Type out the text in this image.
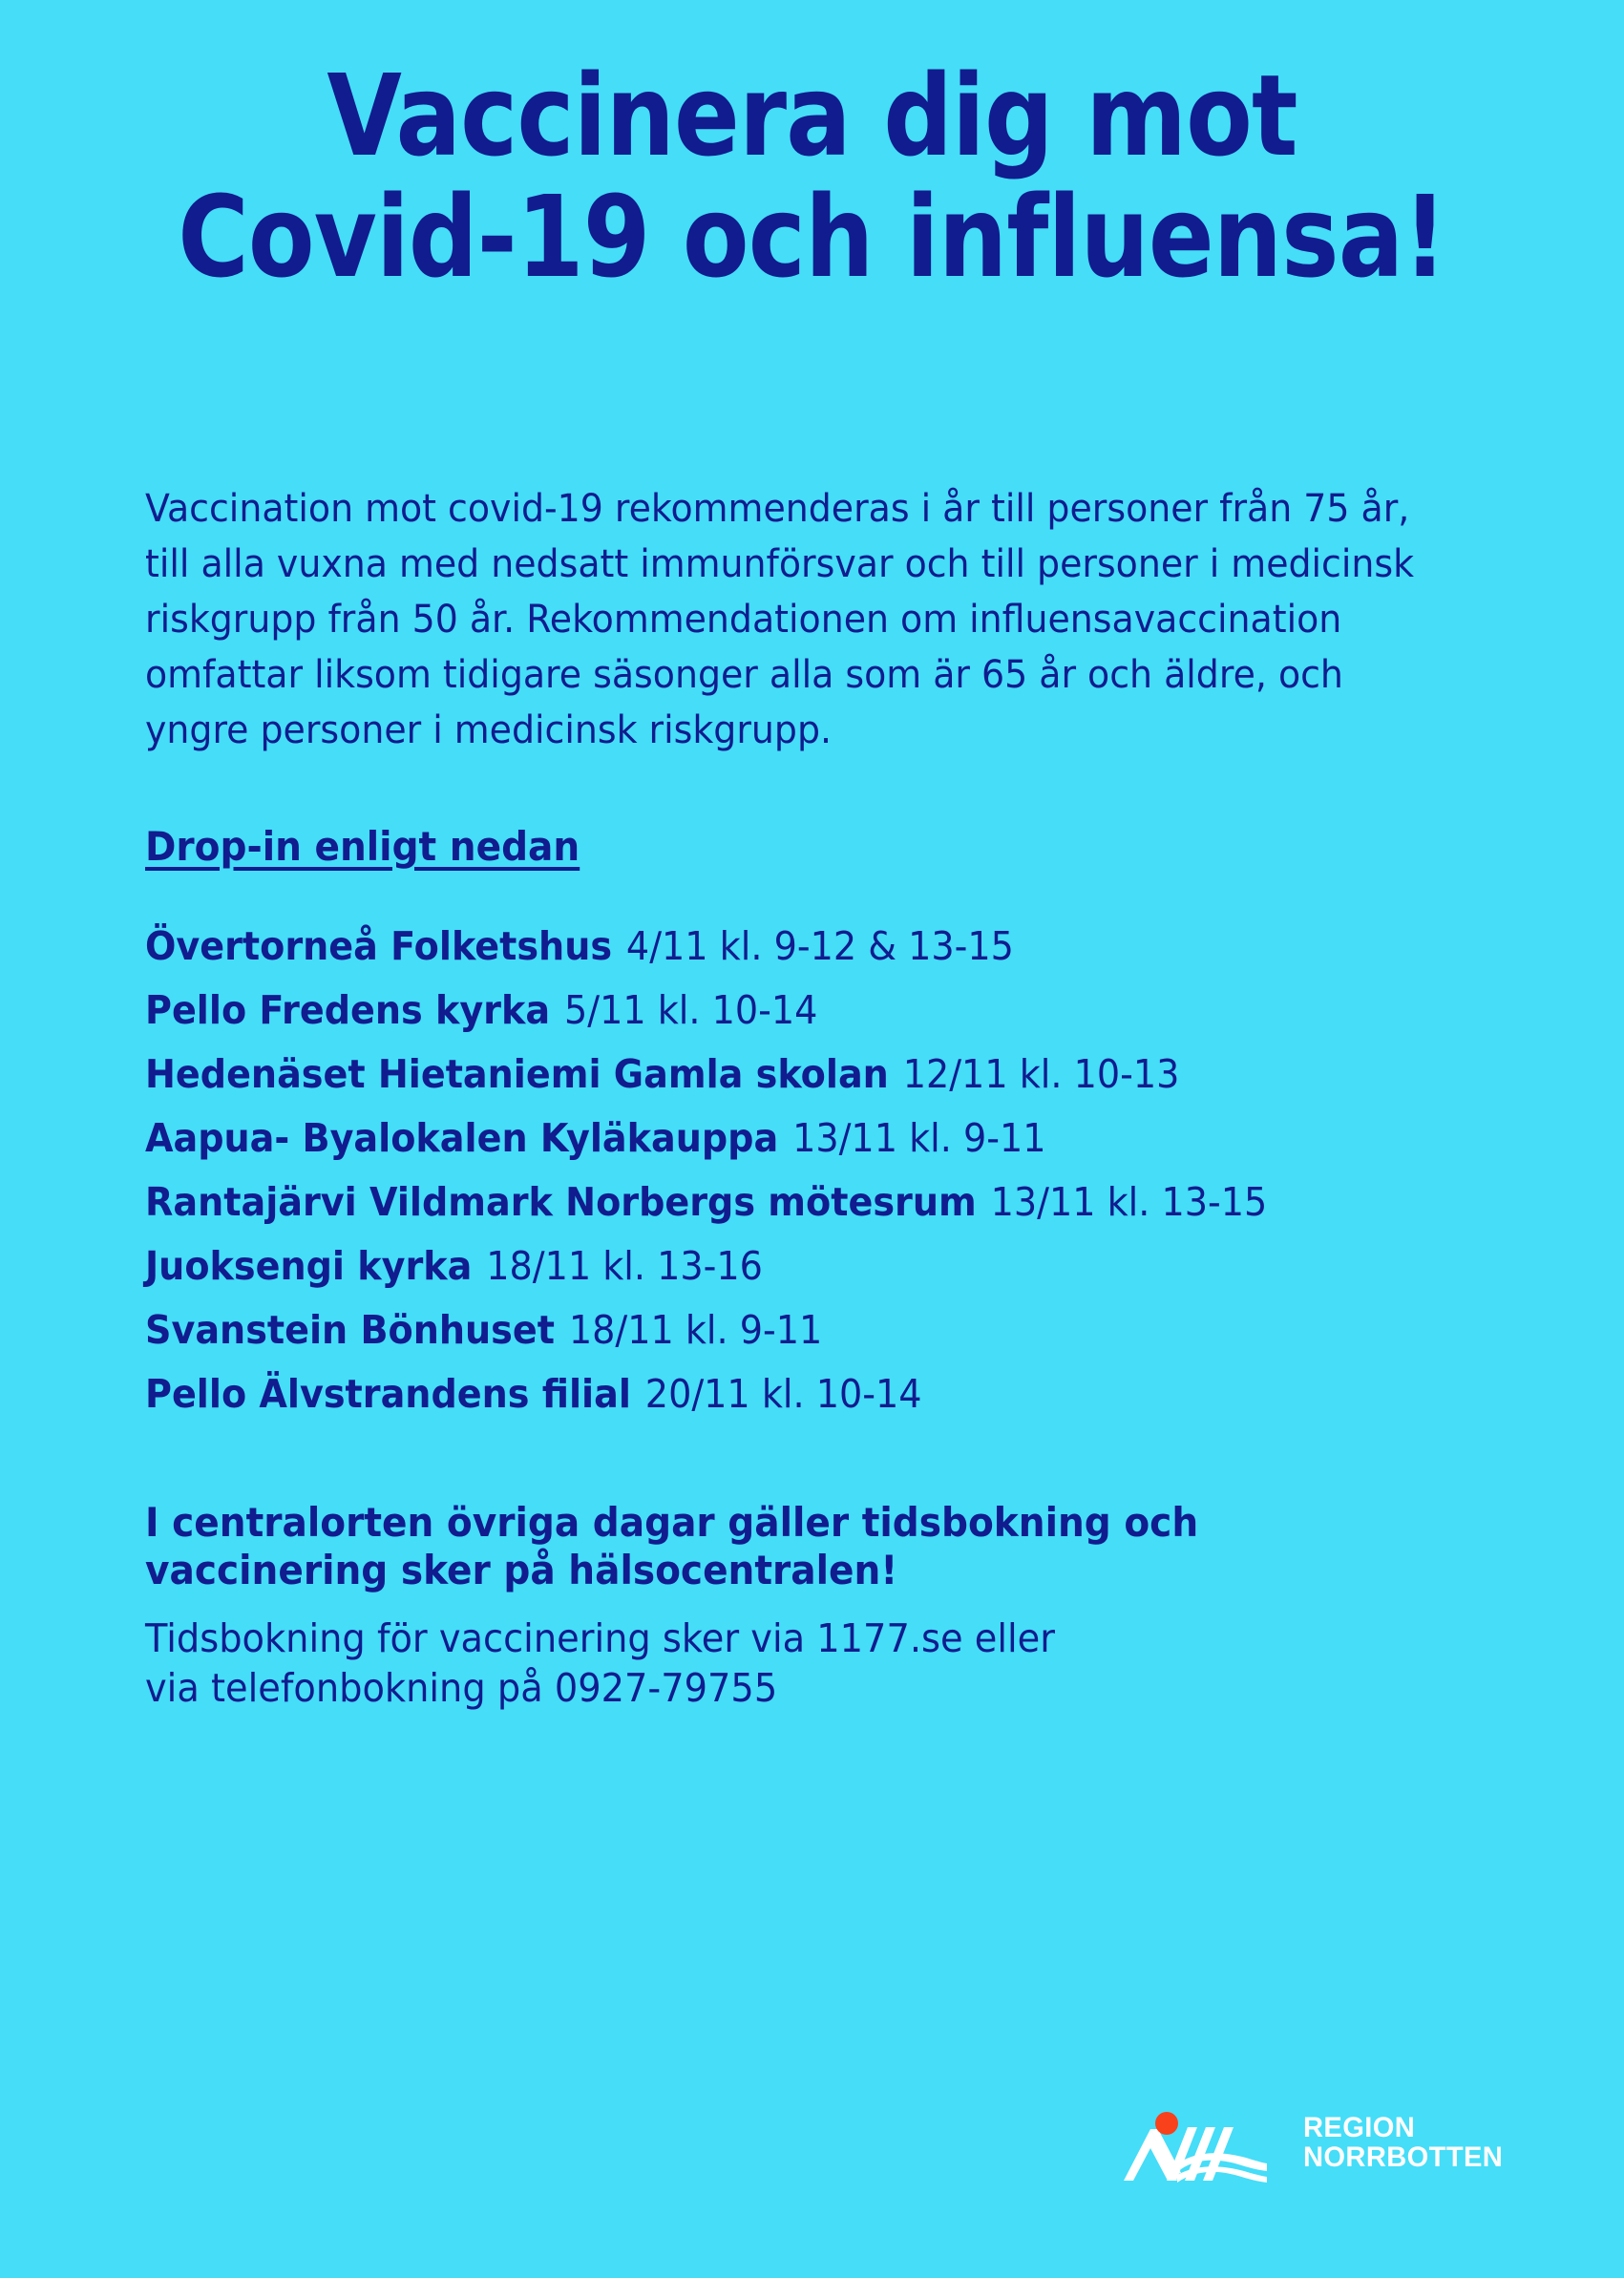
Vaccinera dig mot
Covid-19 och influensa!

Vaccination mot covid-19 rekommenderas i år till personer från 75 år, till alla vuxna med nedsatt immunförsvar och till personer i medicinsk riskgrupp från 50 år. Rekommendationen om influensavaccination omfattar liksom tidigare säsonger alla som är 65 år och äldre, och yngre personer i medicinsk riskgrupp.

Drop-in enligt nedan
Övertorneå Folketshus 4/11 kl. 9-12 & 13-15
Pello Fredens kyrka 5/11 kl. 10-14
Hedenäset Hietaniemi Gamla skolan 12/11 kl. 10-13
Aapua- Byalokalen Kyläkauppa 13/11 kl. 9-11
Rantajärvi Vildmark Norbergs mötesrum 13/11 kl. 13-15
Juoksengi kyrka 18/11 kl. 13-16
Svanstein Bönhuset 18/11 kl. 9-11
Pello Älvstrandens filial 20/11 kl. 10-14

I centralorten övriga dagar gäller tidsbokning och vaccinering sker på hälsocentralen!

Tidsbokning för vaccinering sker via 1177.se eller
via telefonbokning på 0927-79755
REGION
NORRBOTTEN
